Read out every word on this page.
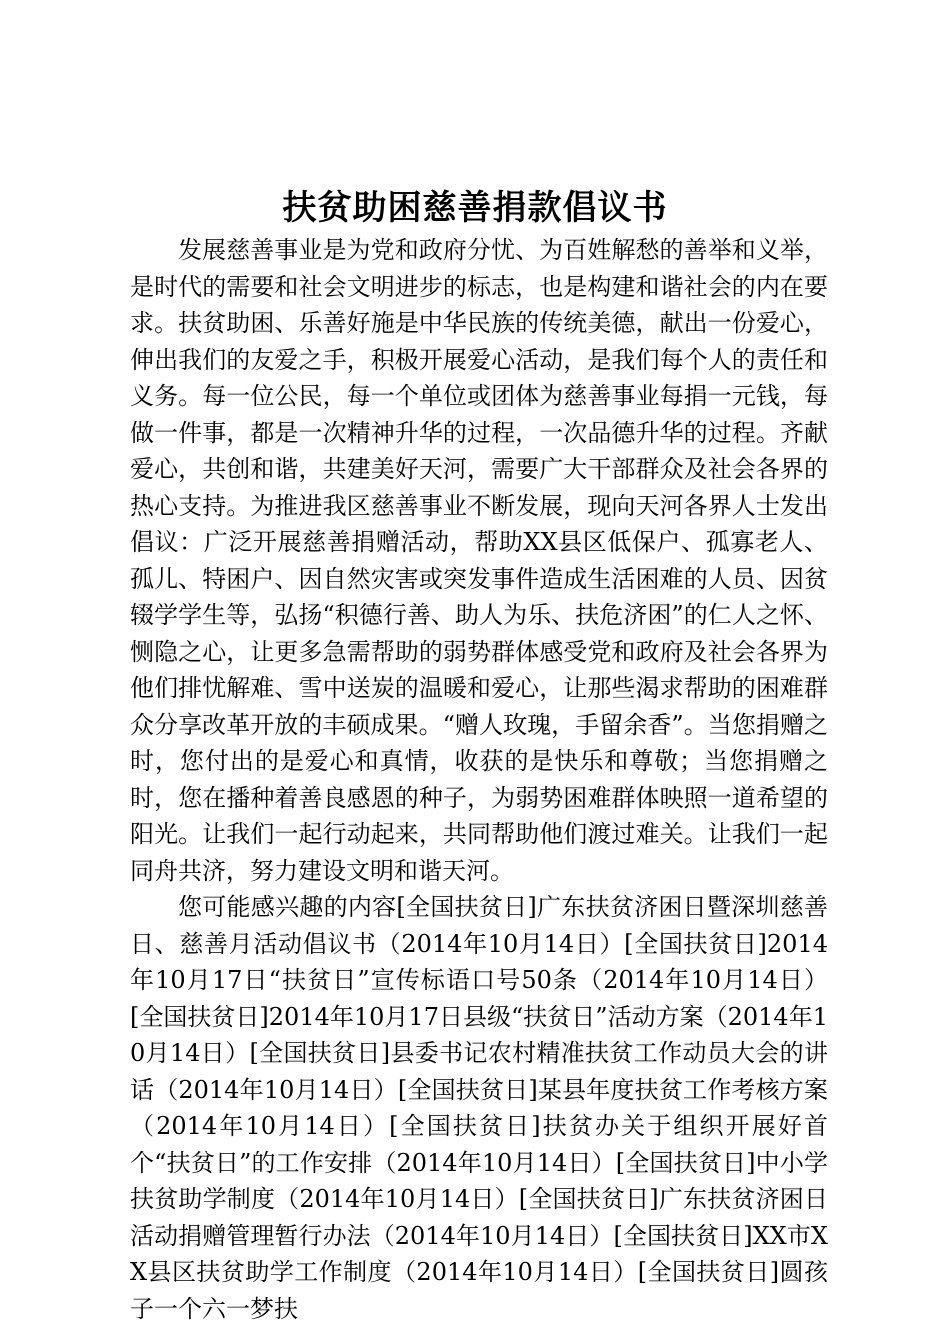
扶贫助困慈善捐款倡议书

发展慈善事业是为党和政府分忧、为百姓解愁的善举和义举，是时代的需要和社会文明进步的标志，也是构建和谐社会的内在要求。扶贫助困、乐善好施是中华民族的传统美德，献出一份爱心，伸出我们的友爱之手，积极开展爱心活动，是我们每个人的责任和义务。每一位公民，每一个单位或团体为慈善事业每捐一元钱，每做一件事，都是一次精神升华的过程，一次品德升华的过程。齐献爱心，共创和谐，共建美好天河，需要广大干部群众及社会各界的热心支持。为推进我区慈善事业不断发展，现向天河各界人士发出倡议：广泛开展慈善捐赠活动，帮助XX县区低保户、孤寡老人、孤儿、特困户、因自然灾害或突发事件造成生活困难的人员、因贫辍学学生等，弘扬“积德行善、助人为乐、扶危济困”的仁人之怀、恻隐之心，让更多急需帮助的弱势群体感受党和政府及社会各界为他们排忧解难、雪中送炭的温暖和爱心，让那些渴求帮助的困难群众分享改革开放的丰硕成果。“赠人玫瑰，手留余香”。当您捐赠之时，您付出的是爱心和真情，收获的是快乐和尊敬；当您捐赠之时，您在播种着善良感恩的种子，为弱势困难群体映照一道希望的阳光。让我们一起行动起来，共同帮助他们渡过难关。让我们一起同舟共济，努力建设文明和谐天河。

您可能感兴趣的内容[全国扶贫日]广东扶贫济困日暨深圳慈善日、慈善月活动倡议书（2014年10月14日）[全国扶贫日]2014年10月17日“扶贫日”宣传标语口号50条（2014年10月14日）[全国扶贫日]2014年10月17日县级“扶贫日”活动方案（2014年10月14日）[全国扶贫日]县委书记农村精准扶贫工作动员大会的讲话（2014年10月14日）[全国扶贫日]某县年度扶贫工作考核方案（2014年10月14日）[全国扶贫日]扶贫办关于组织开展好首个“扶贫日”的工作安排（2014年10月14日）[全国扶贫日]中小学扶贫助学制度（2014年10月14日）[全国扶贫日]广东扶贫济困日活动捐赠管理暂行办法（2014年10月14日）[全国扶贫日]XX市XX县区扶贫助学工作制度（2014年10月14日）[全国扶贫日]圆孩子一个六一梦扶
